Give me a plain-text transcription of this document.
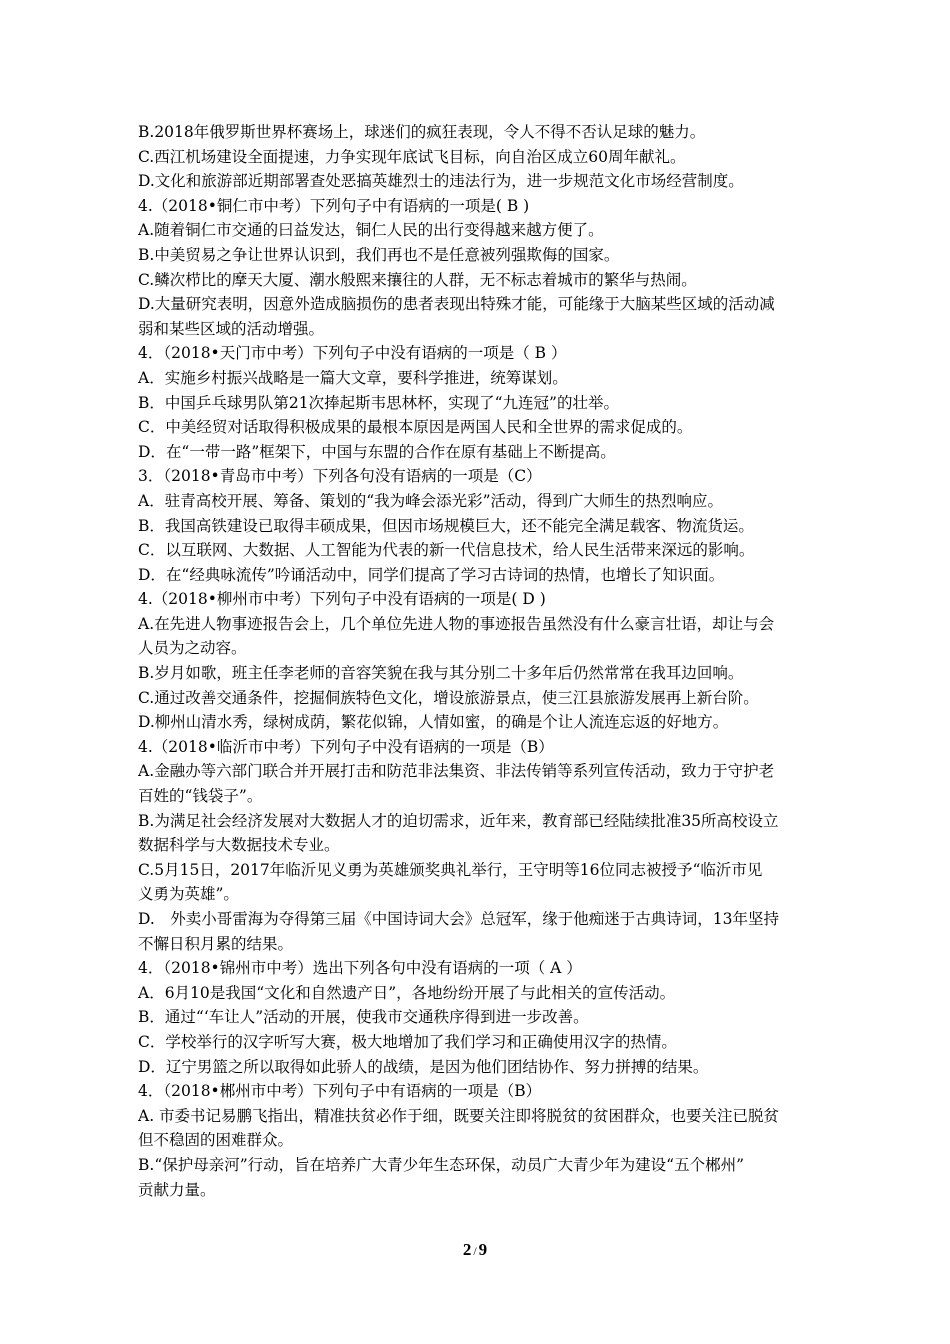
B.2018年俄罗斯世界杯赛场上，球迷们的疯狂表现，令人不得不否认足球的魅力。
C.西江机场建设全面提速，力争实现年底试飞目标，向自治区成立60周年献礼。
D.文化和旅游部近期部署查处恶搞英雄烈士的违法行为，进一步规范文化市场经营制度。
4.（2018•铜仁市中考）下列句子中有语病的一项是( B )
A.随着铜仁市交通的曰益发达，铜仁人民的出行变得越来越方便了。
B.中美贸易之争让世界认识到，我们再也不是任意被列强欺侮的国家。
C.鳞次栉比的摩天大厦、潮水般熙来攘往的人群，无不标志着城市的繁华与热闹。
D.大量研究表明，因意外造成脑损伤的患者表现出特殊才能，可能缘于大脑某些区域的活动减
弱和某些区域的活动增强。
4．（2018•天门市中考）下列句子中没有语病的一项是（ B ）
A．实施乡村振兴战略是一篇大文章，要科学推进，统筹谋划。
B．中国乒乓球男队第21次捧起斯韦思林杯，实现了“九连冠”的壮举。
C．中美经贸对话取得积极成果的最根本原因是两国人民和全世界的需求促成的。
D．在“一带一路”框架下，中国与东盟的合作在原有基础上不断提高。
3．（2018•青岛市中考）下列各句没有语病的一项是（C）
A．驻青高校开展、筹备、策划的“我为峰会添光彩”活动，得到广大师生的热烈响应。
B．我国高铁建设已取得丰硕成果，但因市场规模巨大，还不能完全满足载客、物流货运。
C．以互联网、大数据、人工智能为代表的新一代信息技术，给人民生活带来深远的影响。
D．在“经典咏流传”吟诵活动中，同学们提高了学习古诗词的热情，也增长了知识面。
4.（2018•柳州市中考）下列句子中没有语病的一项是( D )
A.在先进人物事迹报告会上，几个单位先进人物的事迹报告虽然没有什么豪言壮语，却让与会
人员为之动容。
B.岁月如歌，班主任李老师的音容笑貌在我与其分别二十多年后仍然常常在我耳边回响。
C.通过改善交通条件，挖掘侗族特色文化，增设旅游景点，使三江县旅游发展再上新台阶。
D.柳州山清水秀，绿树成荫，繁花似锦，人情如蜜，的确是个让人流连忘返的好地方。
4.（2018•临沂市中考）下列句子中没有语病的一项是（B）
A.金融办等六部门联合并开展打击和防范非法集资、非法传销等系列宣传活动，致力于守护老
百姓的“钱袋子”。
B.为满足社会经济发展对大数据人才的迫切需求，近年来，教育部已经陆续批准35所高校设立
数据科学与大数据技术专业。
C.5月15日，2017年临沂见义勇为英雄颁奖典礼举行，王守明等16位同志被授予“临沂市见
义勇为英雄”。
D.　外卖小哥雷海为夺得第三届《中国诗词大会》总冠军，缘于他痴迷于古典诗词，13年坚持
不懈日积月累的结果。
4．（2018•锦州市中考）选出下列各句中没有语病的一项（ A ）
A．6月10是我国“文化和自然遗产日”，各地纷纷开展了与此相关的宣传活动。
B．通过“‘车让人”活动的开展，使我市交通秩序得到进一步改善。
C．学校举行的汉字听写大赛，极大地增加了我们学习和正确使用汉字的热情。
D．辽宁男篮之所以取得如此骄人的战绩，是因为他们团结协作、努力拼搏的结果。
4．（2018•郴州市中考）下列句子中有语病的一项是（B）
A. 市委书记易鹏飞指出，精准扶贫必作于细，既要关注即将脱贫的贫困群众，也要关注已脱贫
但不稳固的困难群众。
B.“保护母亲河”行动，旨在培养广大青少年生态环保，动员广大青少年为建设“五个郴州”
贡献力量。
2 / 9
